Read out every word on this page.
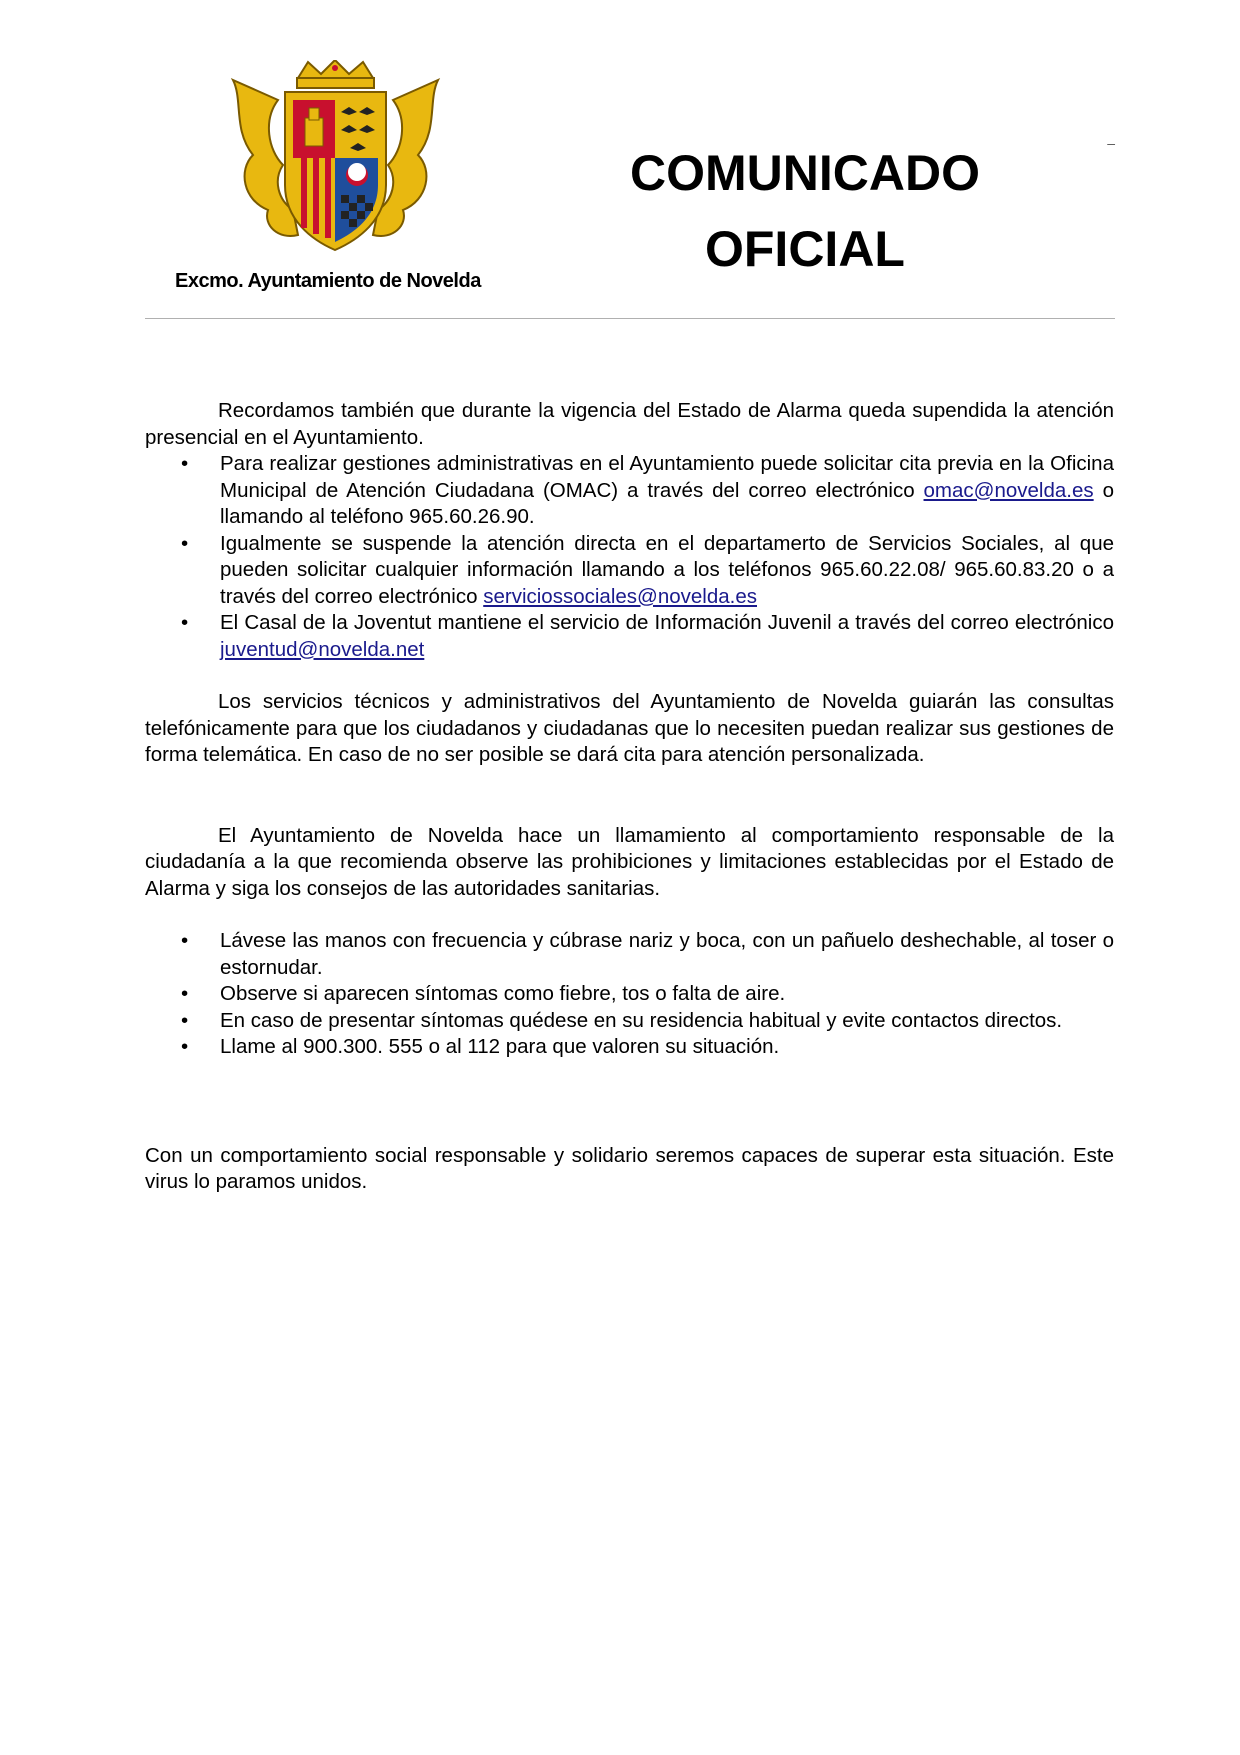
Excmo. Ayuntamiento de Novelda
COMUNICADO
OFICIAL
–

Recordamos también que durante la vigencia del Estado de Alarma queda supendida la atención presencial en el Ayuntamiento.

• Para realizar gestiones administrativas en el Ayuntamiento puede solicitar cita previa en la Oficina Municipal de Atención Ciudadana (OMAC) a través del correo electrónico omac@novelda.es o llamando al teléfono 965.60.26.90.
• Igualmente se suspende la atención directa en el departamerto de Servicios Sociales, al que pueden solicitar cualquier información llamando a los teléfonos 965.60.22.08/ 965.60.83.20 o a través del correo electrónico serviciossociales@novelda.es
• El Casal de la Joventut mantiene el servicio de Información Juvenil a través del correo electrónico juventud@novelda.net

Los servicios técnicos y administrativos del Ayuntamiento de Novelda guiarán las consultas telefónicamente para que los ciudadanos y ciudadanas que lo necesiten puedan realizar sus gestiones de forma telemática. En caso de no ser posible se dará cita para atención personalizada.

El Ayuntamiento de Novelda hace un llamamiento al comportamiento responsable de la ciudadanía a la que recomienda observe las prohibiciones y limitaciones establecidas por el Estado de Alarma y siga los consejos de las autoridades sanitarias.

• Lávese las manos con frecuencia y cúbrase nariz y boca, con un pañuelo deshechable, al toser o estornudar.
• Observe si aparecen síntomas como fiebre, tos o falta de aire.
• En caso de presentar síntomas quédese en su residencia habitual y evite contactos directos.
• Llame al 900.300. 555 o al 112 para que valoren su situación.

Con un comportamiento social responsable y solidario seremos capaces de superar esta situación. Este virus lo paramos unidos.
